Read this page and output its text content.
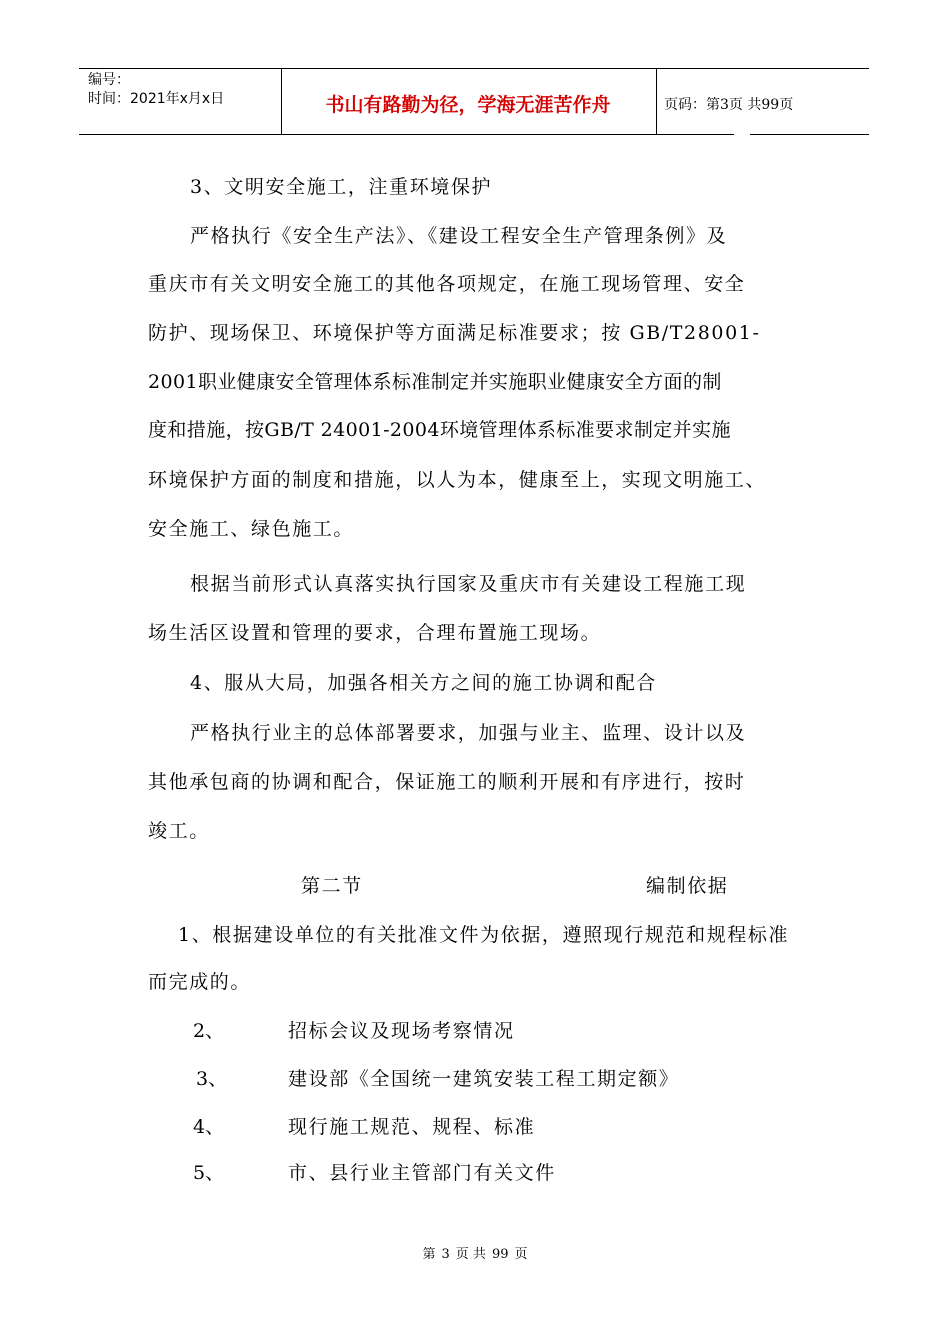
编号：
时间：2021年x月x日	书山有路勤为径，学海无涯苦作舟	页码：第3页 共99页
3、文明安全施工，注重环境保护
严格执行《安全生产法》、《建设工程安全生产管理条例》及
重庆市有关文明安全施工的其他各项规定，在施工现场管理、安全
防护、现场保卫、环境保护等方面满足标准要求；按 GB/T28001-
2001职业健康安全管理体系标准制定并实施职业健康安全方面的制
度和措施，按GB/T 24001-2004环境管理体系标准要求制定并实施
环境保护方面的制度和措施，以人为本，健康至上，实现文明施工、
安全施工、绿色施工。
根据当前形式认真落实执行国家及重庆市有关建设工程施工现
场生活区设置和管理的要求，合理布置施工现场。
4、服从大局，加强各相关方之间的施工协调和配合
严格执行业主的总体部署要求，加强与业主、监理、设计以及
其他承包商的协调和配合，保证施工的顺利开展和有序进行，按时
竣工。
第二节	编制依据
1、根据建设单位的有关批准文件为依据，遵照现行规范和规程标准
而完成的。
2、	招标会议及现场考察情况
3、	建设部《全国统一建筑安装工程工期定额》
4、	现行施工规范、规程、标准
5、	市、县行业主管部门有关文件
第 3 页 共 99 页
